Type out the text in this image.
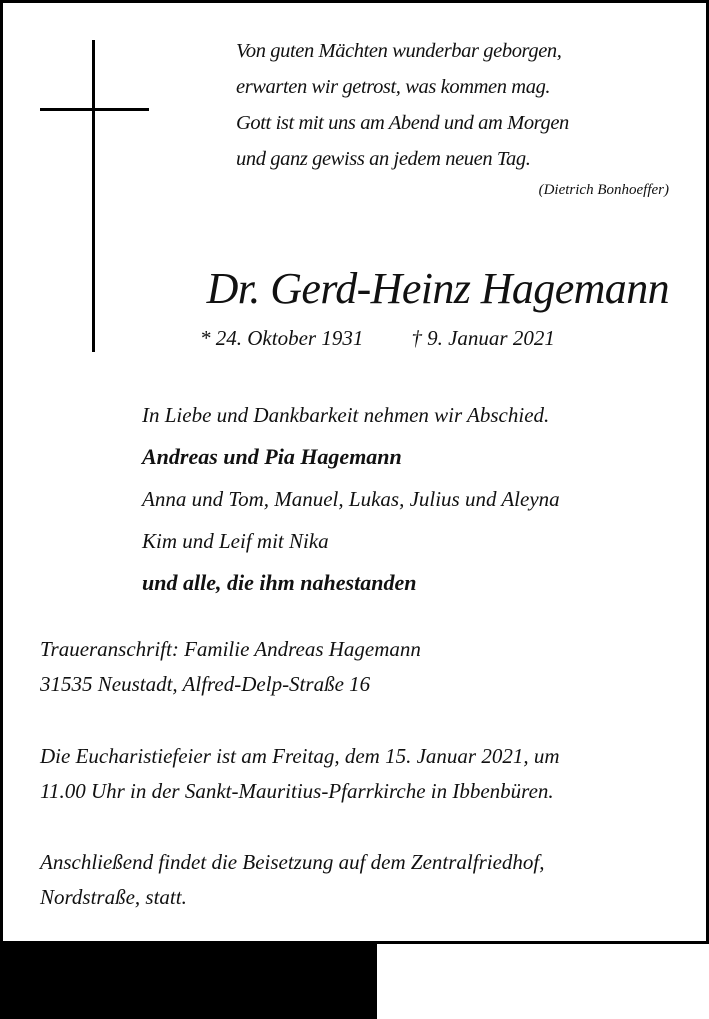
Von guten Mächten wunderbar geborgen,
erwarten wir getrost, was kommen mag.
Gott ist mit uns am Abend und am Morgen
und ganz gewiss an jedem neuen Tag.
(Dietrich Bonhoeffer)
Dr. Gerd-Heinz Hagemann
* 24. Oktober 1931 † 9. Januar 2021
In Liebe und Dankbarkeit nehmen wir Abschied.
Andreas und Pia Hagemann
Anna und Tom, Manuel, Lukas, Julius und Aleyna
Kim und Leif mit Nika
und alle, die ihm nahestanden
Traueranschrift: Familie Andreas Hagemann
31535 Neustadt, Alfred-Delp-Straße 16
Die Eucharistiefeier ist am Freitag, dem 15. Januar 2021, um
11.00 Uhr in der Sankt-Mauritius-Pfarrkirche in Ibbenbüren.
Anschließend findet die Beisetzung auf dem Zentralfriedhof,
Nordstraße, statt.
